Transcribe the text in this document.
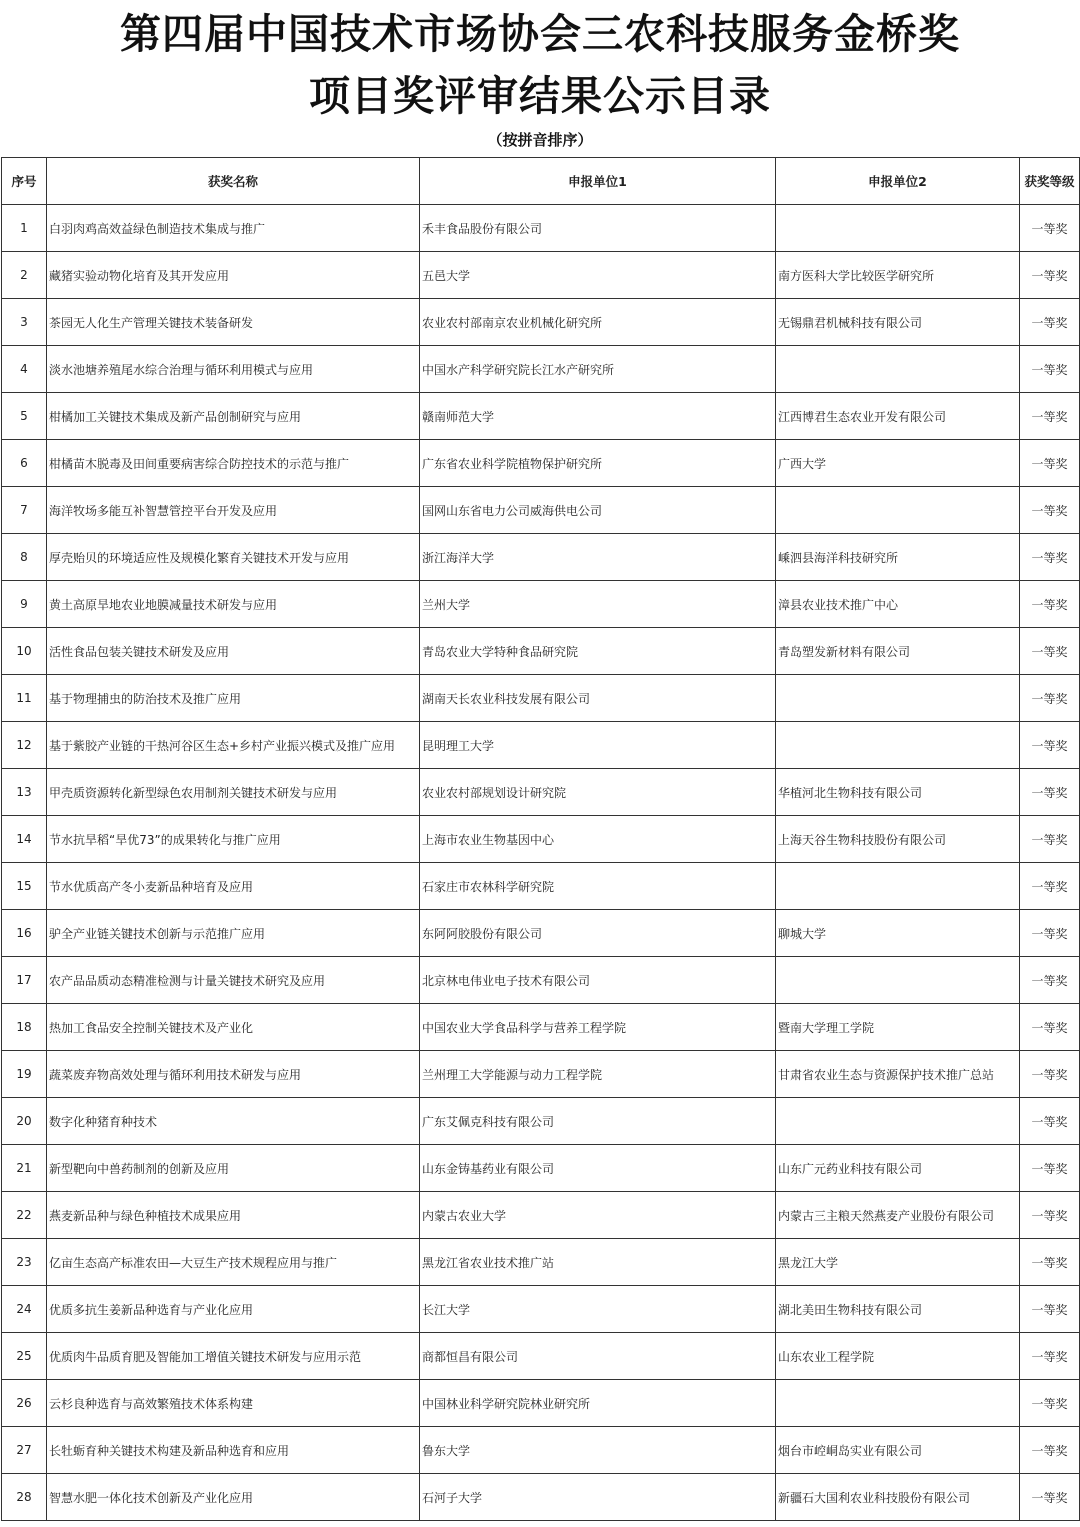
第四届中国技术市场协会三农科技服务金桥奖
项目奖评审结果公示目录
（按拼音排序）
序号	获奖名称	申报单位1	申报单位2	获奖等级
1	白羽肉鸡高效益绿色制造技术集成与推广	禾丰食品股份有限公司		一等奖
2	藏猪实验动物化培育及其开发应用	五邑大学	南方医科大学比较医学研究所	一等奖
3	茶园无人化生产管理关键技术装备研发	农业农村部南京农业机械化研究所	无锡鼎君机械科技有限公司	一等奖
4	淡水池塘养殖尾水综合治理与循环利用模式与应用	中国水产科学研究院长江水产研究所		一等奖
5	柑橘加工关键技术集成及新产品创制研究与应用	赣南师范大学	江西博君生态农业开发有限公司	一等奖
6	柑橘苗木脱毒及田间重要病害综合防控技术的示范与推广	广东省农业科学院植物保护研究所	广西大学	一等奖
7	海洋牧场多能互补智慧管控平台开发及应用	国网山东省电力公司威海供电公司		一等奖
8	厚壳贻贝的环境适应性及规模化繁育关键技术开发与应用	浙江海洋大学	嵊泗县海洋科技研究所	一等奖
9	黄土高原旱地农业地膜减量技术研发与应用	兰州大学	漳县农业技术推广中心	一等奖
10	活性食品包装关键技术研发及应用	青岛农业大学特种食品研究院	青岛塑发新材料有限公司	一等奖
11	基于物理捕虫的防治技术及推广应用	湖南天长农业科技发展有限公司		一等奖
12	基于紫胶产业链的干热河谷区生态+乡村产业振兴模式及推广应用	昆明理工大学		一等奖
13	甲壳质资源转化新型绿色农用制剂关键技术研发与应用	农业农村部规划设计研究院	华植河北生物科技有限公司	一等奖
14	节水抗旱稻“旱优73”的成果转化与推广应用	上海市农业生物基因中心	上海天谷生物科技股份有限公司	一等奖
15	节水优质高产冬小麦新品种培育及应用	石家庄市农林科学研究院		一等奖
16	驴全产业链关键技术创新与示范推广应用	东阿阿胶股份有限公司	聊城大学	一等奖
17	农产品品质动态精准检测与计量关键技术研究及应用	北京林电伟业电子技术有限公司		一等奖
18	热加工食品安全控制关键技术及产业化	中国农业大学食品科学与营养工程学院	暨南大学理工学院	一等奖
19	蔬菜废弃物高效处理与循环利用技术研发与应用	兰州理工大学能源与动力工程学院	甘肃省农业生态与资源保护技术推广总站	一等奖
20	数字化种猪育种技术	广东艾佩克科技有限公司		一等奖
21	新型靶向中兽药制剂的创新及应用	山东金铸基药业有限公司	山东广元药业科技有限公司	一等奖
22	燕麦新品种与绿色种植技术成果应用	内蒙古农业大学	内蒙古三主粮天然燕麦产业股份有限公司	一等奖
23	亿亩生态高产标准农田—大豆生产技术规程应用与推广	黑龙江省农业技术推广站	黑龙江大学	一等奖
24	优质多抗生姜新品种选育与产业化应用	长江大学	湖北美田生物科技有限公司	一等奖
25	优质肉牛品质育肥及智能加工增值关键技术研发与应用示范	商都恒昌有限公司	山东农业工程学院	一等奖
26	云杉良种选育与高效繁殖技术体系构建	中国林业科学研究院林业研究所		一等奖
27	长牡蛎育种关键技术构建及新品种选育和应用	鲁东大学	烟台市崆峒岛实业有限公司	一等奖
28	智慧水肥一体化技术创新及产业化应用	石河子大学	新疆石大国利农业科技股份有限公司	一等奖
